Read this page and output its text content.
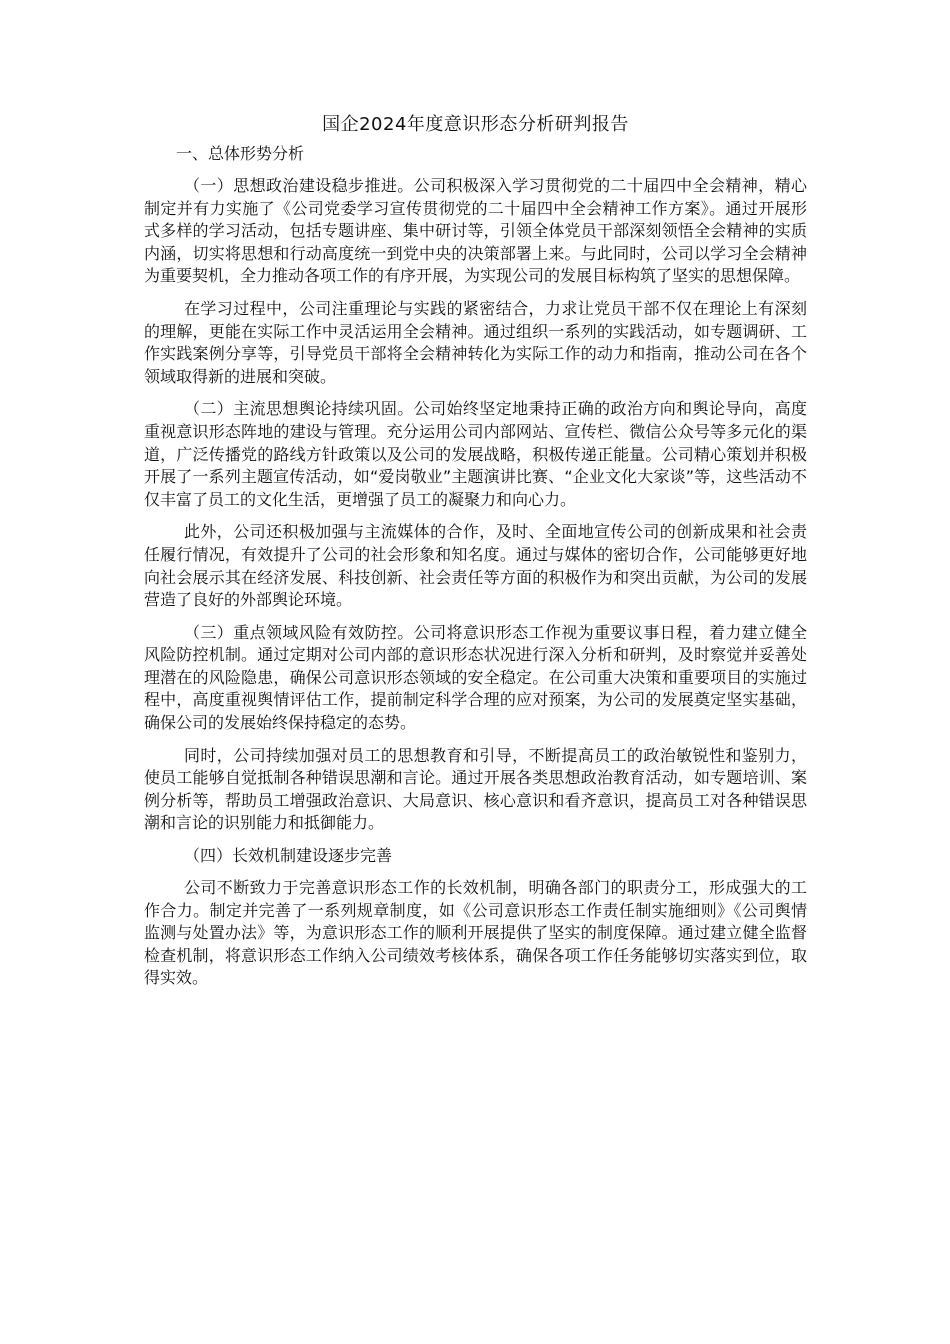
国企2024年度意识形态分析研判报告
一、总体形势分析

（一）思想政治建设稳步推进。公司积极深入学习贯彻党的二十届四中全会精神，精心制定并有力实施了《公司党委学习宣传贯彻党的二十届四中全会精神工作方案》。通过开展形式多样的学习活动，包括专题讲座、集中研讨等，引领全体党员干部深刻领悟全会精神的实质内涵，切实将思想和行动高度统一到党中央的决策部署上来。与此同时，公司以学习全会精神为重要契机，全力推动各项工作的有序开展，为实现公司的发展目标构筑了坚实的思想保障。

在学习过程中，公司注重理论与实践的紧密结合，力求让党员干部不仅在理论上有深刻的理解，更能在实际工作中灵活运用全会精神。通过组织一系列的实践活动，如专题调研、工作实践案例分享等，引导党员干部将全会精神转化为实际工作的动力和指南，推动公司在各个领域取得新的进展和突破。

（二）主流思想舆论持续巩固。公司始终坚定地秉持正确的政治方向和舆论导向，高度重视意识形态阵地的建设与管理。充分运用公司内部网站、宣传栏、微信公众号等多元化的渠道，广泛传播党的路线方针政策以及公司的发展战略，积极传递正能量。公司精心策划并积极开展了一系列主题宣传活动，如“爱岗敬业”主题演讲比赛、“企业文化大家谈”等，这些活动不仅丰富了员工的文化生活，更增强了员工的凝聚力和向心力。

此外，公司还积极加强与主流媒体的合作，及时、全面地宣传公司的创新成果和社会责任履行情况，有效提升了公司的社会形象和知名度。通过与媒体的密切合作，公司能够更好地向社会展示其在经济发展、科技创新、社会责任等方面的积极作为和突出贡献，为公司的发展营造了良好的外部舆论环境。

（三）重点领域风险有效防控。公司将意识形态工作视为重要议事日程，着力建立健全风险防控机制。通过定期对公司内部的意识形态状况进行深入分析和研判，及时察觉并妥善处理潜在的风险隐患，确保公司意识形态领域的安全稳定。在公司重大决策和重要项目的实施过程中，高度重视舆情评估工作，提前制定科学合理的应对预案，为公司的发展奠定坚实基础，确保公司的发展始终保持稳定的态势。

同时，公司持续加强对员工的思想教育和引导，不断提高员工的政治敏锐性和鉴别力，使员工能够自觉抵制各种错误思潮和言论。通过开展各类思想政治教育活动，如专题培训、案例分析等，帮助员工增强政治意识、大局意识、核心意识和看齐意识，提高员工对各种错误思潮和言论的识别能力和抵御能力。

（四）长效机制建设逐步完善

公司不断致力于完善意识形态工作的长效机制，明确各部门的职责分工，形成强大的工作合力。制定并完善了一系列规章制度，如《公司意识形态工作责任制实施细则》《公司舆情监测与处置办法》等，为意识形态工作的顺利开展提供了坚实的制度保障。通过建立健全监督检查机制，将意识形态工作纳入公司绩效考核体系，确保各项工作任务能够切实落实到位，取得实效。
